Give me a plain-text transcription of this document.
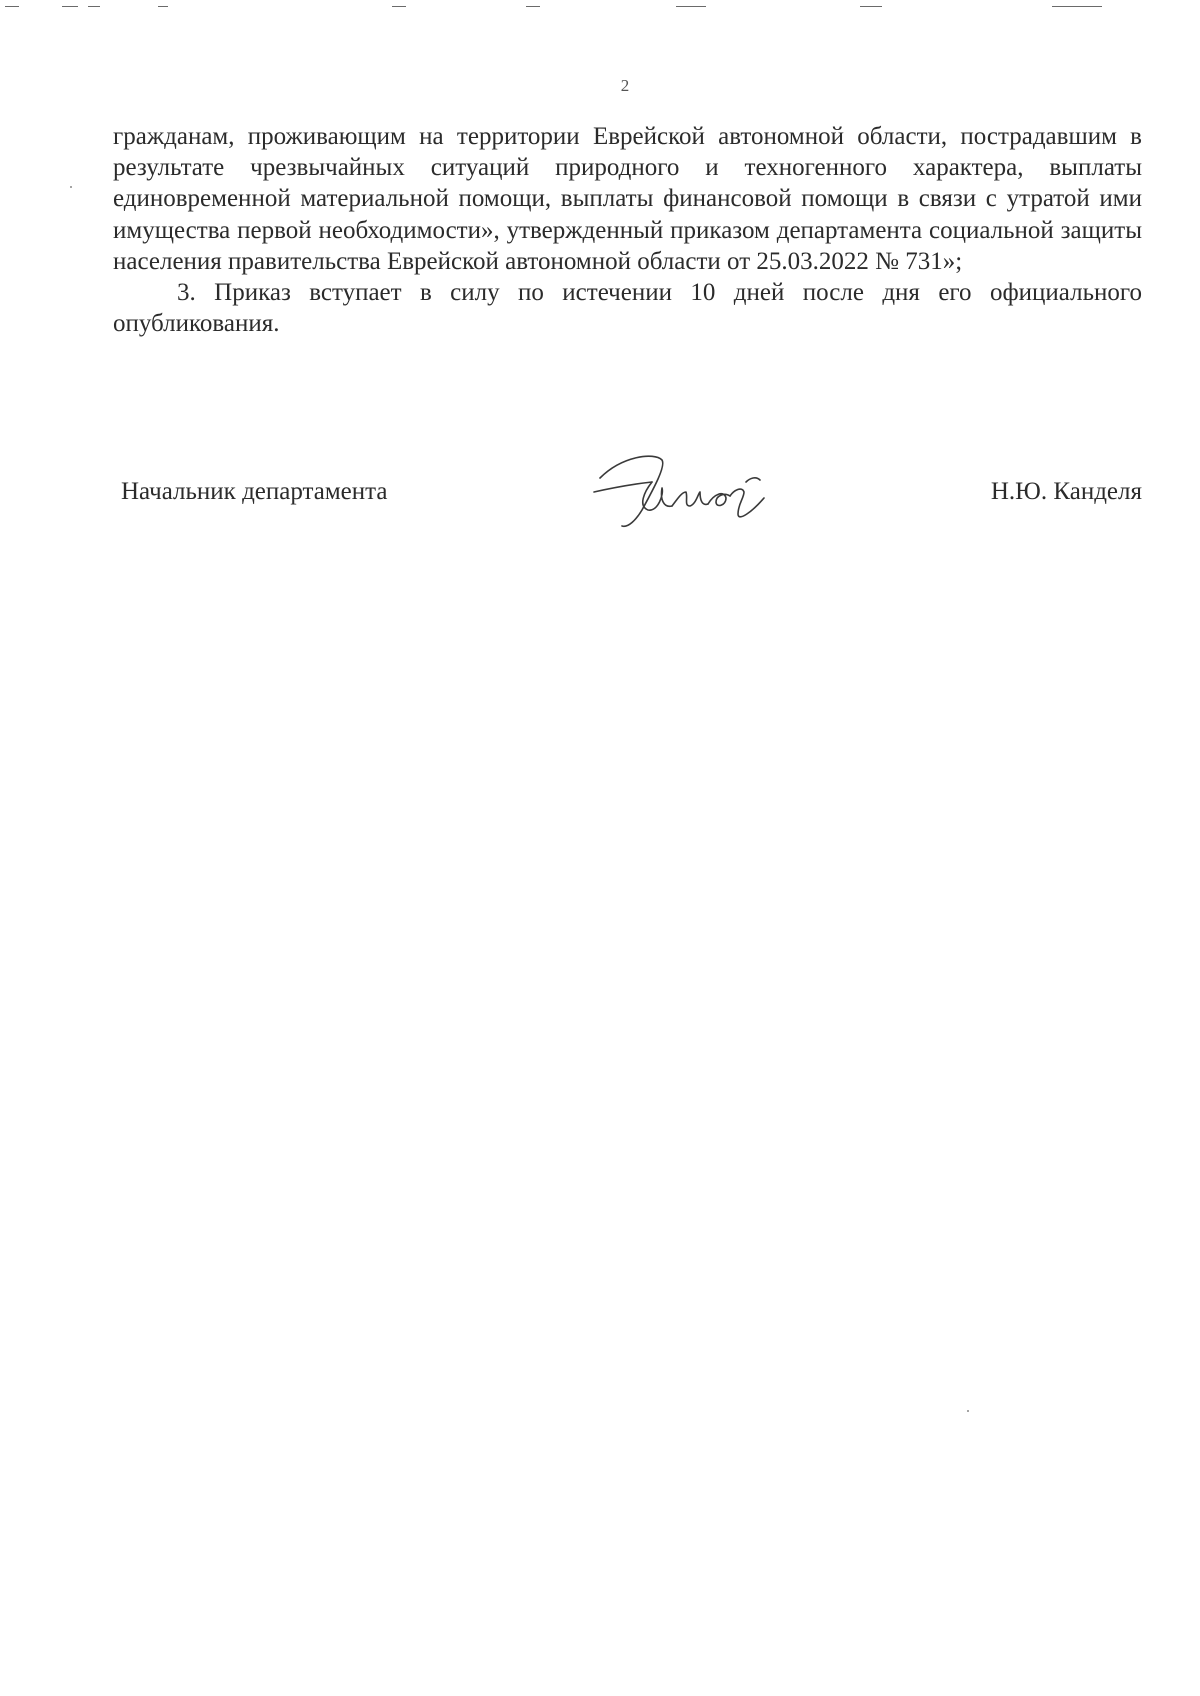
2

гражданам, проживающим на территории Еврейской автономной области, пострадавшим в результате чрезвычайных ситуаций природного и техногенного характера, выплаты единовременной материальной помощи, выплаты финансовой помощи в связи с утратой ими имущества первой необходимости», утвержденный приказом департамента социальной защиты населения правительства Еврейской автономной области от 25.03.2022 № 731»;

3. Приказ вступает в силу по истечении 10 дней после дня его официального опубликования.

Начальник департамента	Н.Ю. Канделя
